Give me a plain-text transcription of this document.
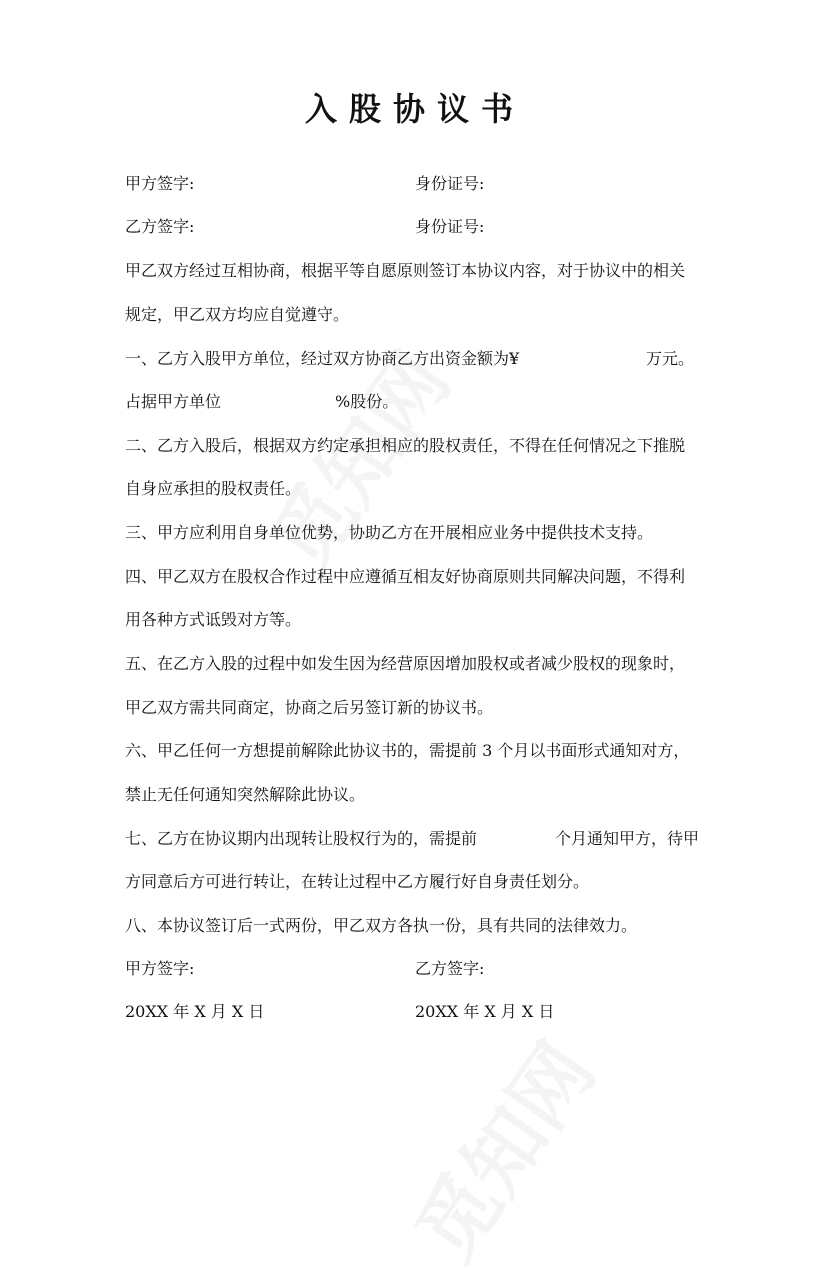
入股协议书
甲方签字:	身份证号:
乙方签字:	身份证号:
甲乙双方经过互相协商，根据平等自愿原则签订本协议内容，对于协议中的相关
规定，甲乙双方均应自觉遵守。
一、乙方入股甲方单位，经过双方协商乙方出资金额为¥	万元。
占据甲方单位	%股份。
二、乙方入股后，根据双方约定承担相应的股权责任，不得在任何情况之下推脱
自身应承担的股权责任。
三、甲方应利用自身单位优势，协助乙方在开展相应业务中提供技术支持。
四、甲乙双方在股权合作过程中应遵循互相友好协商原则共同解决问题，不得利
用各种方式诋毁对方等。
五、在乙方入股的过程中如发生因为经营原因增加股权或者减少股权的现象时，
甲乙双方需共同商定，协商之后另签订新的协议书。
六、甲乙任何一方想提前解除此协议书的，需提前 3 个月以书面形式通知对方，
禁止无任何通知突然解除此协议。
七、乙方在协议期内出现转让股权行为的，需提前	个月通知甲方，待甲
方同意后方可进行转让，在转让过程中乙方履行好自身责任划分。
八、本协议签订后一式两份，甲乙双方各执一份，具有共同的法律效力。
甲方签字:	乙方签字:
20XX 年 X 月 X 日	20XX 年 X 月 X 日
